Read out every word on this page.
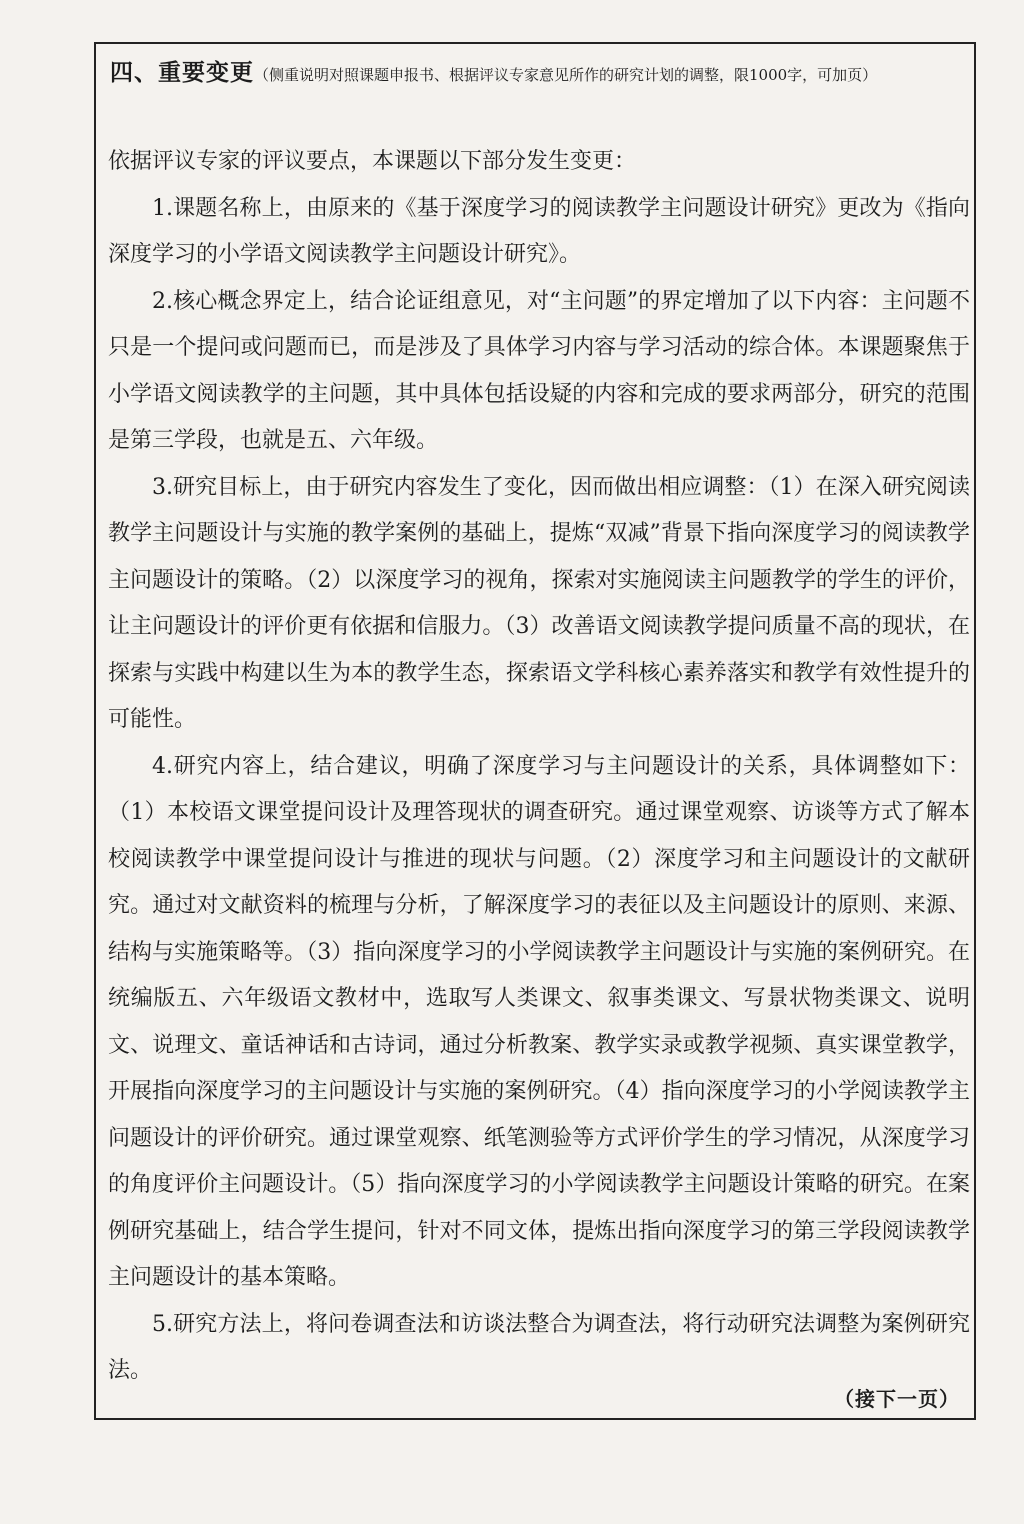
四、重要变更（侧重说明对照课题申报书、根据评议专家意见所作的研究计划的调整，限1000字，可加页）

依据评议专家的评议要点，本课题以下部分发生变更：

1.课题名称上，由原来的《基于深度学习的阅读教学主问题设计研究》更改为《指向深度学习的小学语文阅读教学主问题设计研究》。

2.核心概念界定上，结合论证组意见，对“主问题”的界定增加了以下内容：主问题不只是一个提问或问题而已，而是涉及了具体学习内容与学习活动的综合体。本课题聚焦于小学语文阅读教学的主问题，其中具体包括设疑的内容和完成的要求两部分，研究的范围是第三学段，也就是五、六年级。

3.研究目标上，由于研究内容发生了变化，因而做出相应调整：（1）在深入研究阅读教学主问题设计与实施的教学案例的基础上，提炼“双减”背景下指向深度学习的阅读教学主问题设计的策略。（2）以深度学习的视角，探索对实施阅读主问题教学的学生的评价，让主问题设计的评价更有依据和信服力。（3）改善语文阅读教学提问质量不高的现状，在探索与实践中构建以生为本的教学生态，探索语文学科核心素养落实和教学有效性提升的可能性。

4.研究内容上，结合建议，明确了深度学习与主问题设计的关系，具体调整如下：（1）本校语文课堂提问设计及理答现状的调查研究。通过课堂观察、访谈等方式了解本校阅读教学中课堂提问设计与推进的现状与问题。（2）深度学习和主问题设计的文献研究。通过对文献资料的梳理与分析，了解深度学习的表征以及主问题设计的原则、来源、结构与实施策略等。（3）指向深度学习的小学阅读教学主问题设计与实施的案例研究。在统编版五、六年级语文教材中，选取写人类课文、叙事类课文、写景状物类课文、说明文、说理文、童话神话和古诗词，通过分析教案、教学实录或教学视频、真实课堂教学，开展指向深度学习的主问题设计与实施的案例研究。（4）指向深度学习的小学阅读教学主问题设计的评价研究。通过课堂观察、纸笔测验等方式评价学生的学习情况，从深度学习的角度评价主问题设计。（5）指向深度学习的小学阅读教学主问题设计策略的研究。在案例研究基础上，结合学生提问，针对不同文体，提炼出指向深度学习的第三学段阅读教学主问题设计的基本策略。

5.研究方法上，将问卷调查法和访谈法整合为调查法，将行动研究法调整为案例研究法。

（接下一页）
